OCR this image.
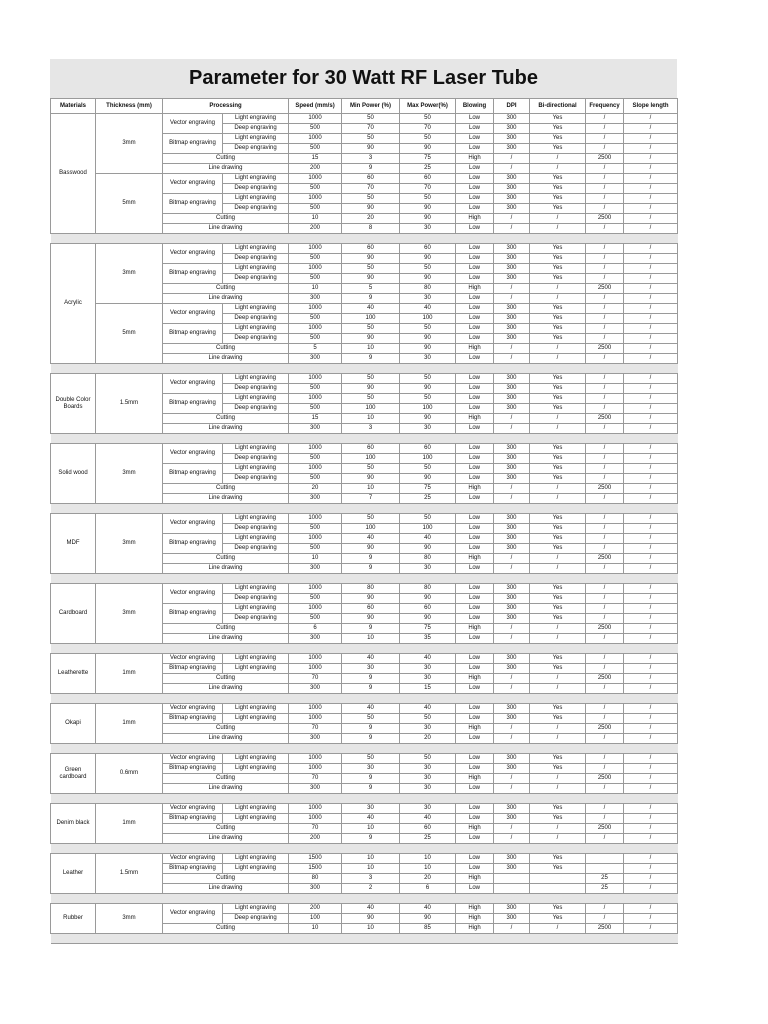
Parameter for 30 Watt RF Laser Tube
Materials	Thickness (mm)	Processing		Speed (mm/s)	Min Power (%)	Max Power(%)	Blowing	DPI	Bi-directional	Frequency	Slope length
Basswood	3mm	Vector engraving	Light engraving	1000	50	50	Low	300	Yes	/	/
			Deep engraving	500	70	70	Low	300	Yes	/	/
		Bitmap engraving	Light engraving	1000	50	50	Low	300	Yes	/	/
			Deep engraving	500	90	90	Low	300	Yes	/	/
		Cutting		15	3	75	High	/	/	2500	/
		Line drawing		200	9	25	Low	/	/	/	/
	5mm	Vector engraving	Light engraving	1000	60	60	Low	300	Yes	/	/
			Deep engraving	500	70	70	Low	300	Yes	/	/
		Bitmap engraving	Light engraving	1000	50	50	Low	300	Yes	/	/
			Deep engraving	500	90	90	Low	300	Yes	/	/
		Cutting		10	20	90	High	/	/	2500	/
		Line drawing		200	8	30	Low	/	/	/	/

Acrylic	3mm	Vector engraving	Light engraving	1000	60	60	Low	300	Yes	/	/
			Deep engraving	500	90	90	Low	300	Yes	/	/
		Bitmap engraving	Light engraving	1000	50	50	Low	300	Yes	/	/
			Deep engraving	500	90	90	Low	300	Yes	/	/
		Cutting		10	5	80	High	/	/	2500	/
		Line drawing		300	9	30	Low	/	/	/	/
	5mm	Vector engraving	Light engraving	1000	40	40	Low	300	Yes	/	/
			Deep engraving	500	100	100	Low	300	Yes	/	/
		Bitmap engraving	Light engraving	1000	50	50	Low	300	Yes	/	/
			Deep engraving	500	90	90	Low	300	Yes	/	/
		Cutting		5	10	90	High	/	/	2500	/
		Line drawing		300	9	30	Low	/	/	/	/

Double Color Boards	1.5mm	Vector engraving	Light engraving	1000	50	50	Low	300	Yes	/	/
			Deep engraving	500	90	90	Low	300	Yes	/	/
		Bitmap engraving	Light engraving	1000	50	50	Low	300	Yes	/	/
			Deep engraving	500	100	100	Low	300	Yes	/	/
		Cutting		15	10	90	High	/	/	2500	/
		Line drawing		300	3	30	Low	/	/	/	/

Solid wood	3mm	Vector engraving	Light engraving	1000	60	60	Low	300	Yes	/	/
			Deep engraving	500	100	100	Low	300	Yes	/	/
		Bitmap engraving	Light engraving	1000	50	50	Low	300	Yes	/	/
			Deep engraving	500	90	90	Low	300	Yes	/	/
		Cutting		20	10	75	High	/	/	2500	/
		Line drawing		300	7	25	Low	/	/	/	/

MDF	3mm	Vector engraving	Light engraving	1000	50	50	Low	300	Yes	/	/
			Deep engraving	500	100	100	Low	300	Yes	/	/
		Bitmap engraving	Light engraving	1000	40	40	Low	300	Yes	/	/
			Deep engraving	500	90	90	Low	300	Yes	/	/
		Cutting		10	9	80	High	/	/	2500	/
		Line drawing		300	9	30	Low	/	/	/	/

Cardboard	3mm	Vector engraving	Light engraving	1000	80	80	Low	300	Yes	/	/
			Deep engraving	500	90	90	Low	300	Yes	/	/
		Bitmap engraving	Light engraving	1000	60	60	Low	300	Yes	/	/
			Deep engraving	500	90	90	Low	300	Yes	/	/
		Cutting		6	9	75	High	/	/	2500	/
		Line drawing		300	10	35	Low	/	/	/	/

Leatherette	1mm	Vector engraving	Light engraving	1000	40	40	Low	300	Yes	/	/
		Bitmap engraving	Light engraving	1000	30	30	Low	300	Yes	/	/
		Cutting		70	9	30	High	/	/	2500	/
		Line drawing		300	9	15	Low	/	/	/	/

Okapi	1mm	Vector engraving	Light engraving	1000	40	40	Low	300	Yes	/	/
		Bitmap engraving	Light engraving	1000	50	50	Low	300	Yes	/	/
		Cutting		70	9	30	High	/	/	2500	/
		Line drawing		300	9	20	Low	/	/	/	/

Green cardboard	0.6mm	Vector engraving	Light engraving	1000	50	50	Low	300	Yes	/	/
		Bitmap engraving	Light engraving	1000	30	30	Low	300	Yes	/	/
		Cutting		70	9	30	High	/	/	2500	/
		Line drawing		300	9	30	Low	/	/	/	/

Denim black	1mm	Vector engraving	Light engraving	1000	30	30	Low	300	Yes	/	/
		Bitmap engraving	Light engraving	1000	40	40	Low	300	Yes	/	/
		Cutting		70	10	60	High	/	/	2500	/
		Line drawing		200	9	25	Low	/	/	/	/

Leather	1.5mm	Vector engraving	Light engraving	1500	10	10	Low	300	Yes		/
		Bitmap engraving	Light engraving	1500	10	10	Low	300	Yes		/
		Cutting		80	3	20	High			25	/
		Line drawing		300	2	6	Low			25	/

Rubber	3mm	Vector engraving	Light engraving	200	40	40	High	300	Yes	/	/
			Deep engraving	100	90	90	High	300	Yes	/	/
		Cutting		10	10	85	High	/	/	2500	/
